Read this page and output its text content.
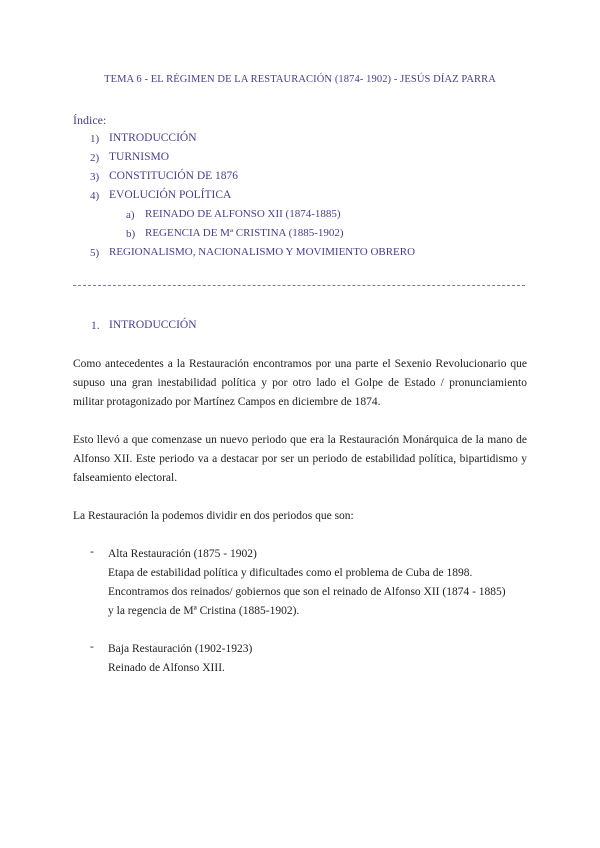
TEMA 6 - EL RÉGIMEN DE LA RESTAURACIÓN (1874- 1902) - JESÚS DÍAZ PARRA
Índice:
1) INTRODUCCIÓN
2) TURNISMO
3) CONSTITUCIÓN DE 1876
4) EVOLUCIÓN POLÍTICA
a) REINADO DE ALFONSO XII (1874-1885)
b) REGENCIA DE Mª CRISTINA (1885-1902)
5) REGIONALISMO, NACIONALISMO Y MOVIMIENTO OBRERO
1. INTRODUCCIÓN
Como antecedentes a la Restauración encontramos por una parte el Sexenio Revolucionario que supuso una gran inestabilidad política y por otro lado el Golpe de Estado / pronunciamiento militar protagonizado por Martínez Campos en diciembre de 1874.
Esto llevó a que comenzase un nuevo periodo que era la Restauración Monárquica de la mano de Alfonso XII. Este periodo va a destacar por ser un periodo de estabilidad política, bipartidismo y falseamiento electoral.
La Restauración la podemos dividir en dos periodos que son:
- Alta Restauración (1875 - 1902)
Etapa de estabilidad política y dificultades como el problema de Cuba de 1898.
Encontramos dos reinados/ gobiernos que son el reinado de Alfonso XII (1874 - 1885)
y la regencia de Mª Cristina (1885-1902).
- Baja Restauración (1902-1923)
Reinado de Alfonso XIII.
